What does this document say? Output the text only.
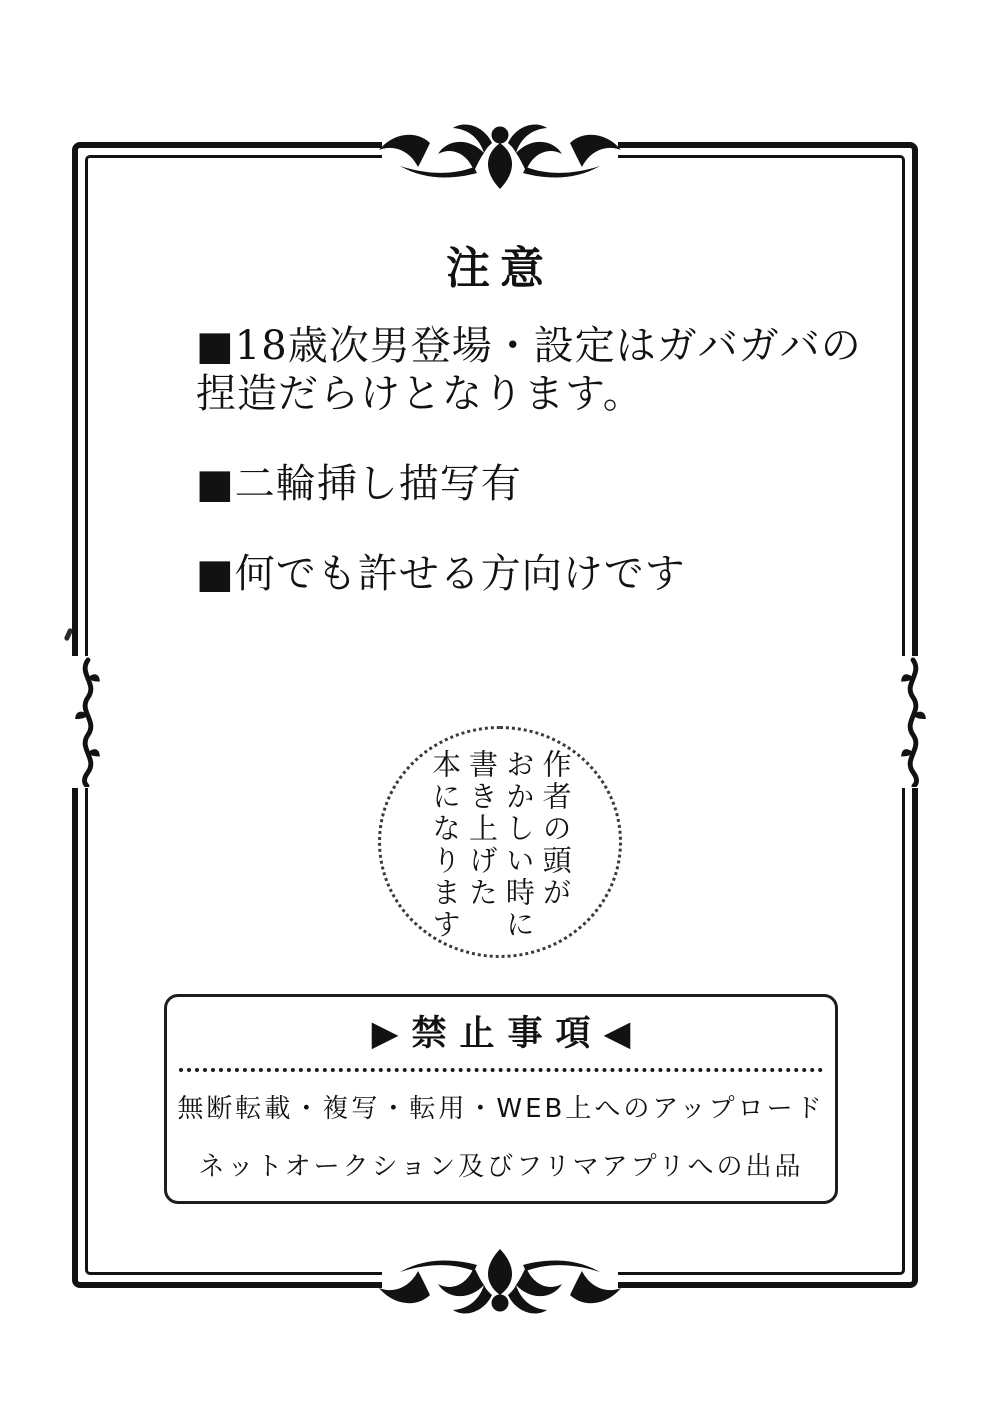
注意
■18歳次男登場・設定はガバガバの
捏造だらけとなります。
■二輪挿し描写有
■何でも許せる方向けです
作者の頭が
おかしい時に
書き上げた
本になります
▶禁止事項◀
無断転載・複写・転用・WEB上へのアップロード
ネットオークション及びフリマアプリへの出品
